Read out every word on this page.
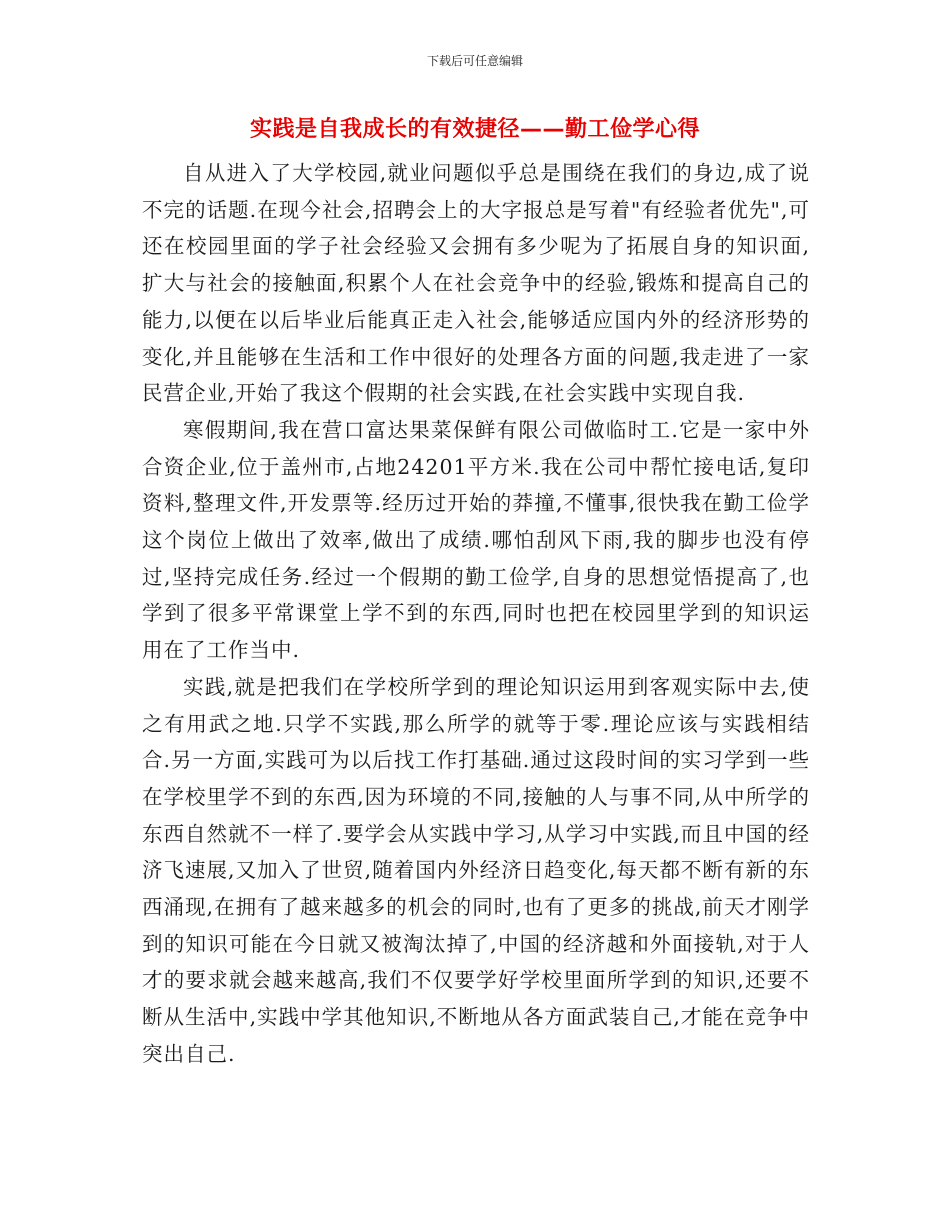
下载后可任意编辑
实践是自我成长的有效捷径——勤工俭学心得

自从进入了大学校园,就业问题似乎总是围绕在我们的身边,成了说不完的话题.在现今社会,招聘会上的大字报总是写着"有经验者优先",可还在校园里面的学子社会经验又会拥有多少呢为了拓展自身的知识面,扩大与社会的接触面,积累个人在社会竞争中的经验,锻炼和提高自己的能力,以便在以后毕业后能真正走入社会,能够适应国内外的经济形势的变化,并且能够在生活和工作中很好的处理各方面的问题,我走进了一家民营企业,开始了我这个假期的社会实践,在社会实践中实现自我.

寒假期间,我在营口富达果菜保鲜有限公司做临时工.它是一家中外合资企业,位于盖州市,占地24201平方米.我在公司中帮忙接电话,复印资料,整理文件,开发票等.经历过开始的莽撞,不懂事,很快我在勤工俭学这个岗位上做出了效率,做出了成绩.哪怕刮风下雨,我的脚步也没有停过,坚持完成任务.经过一个假期的勤工俭学,自身的思想觉悟提高了,也学到了很多平常课堂上学不到的东西,同时也把在校园里学到的知识运用在了工作当中.

实践,就是把我们在学校所学到的理论知识运用到客观实际中去,使之有用武之地.只学不实践,那么所学的就等于零.理论应该与实践相结合.另一方面,实践可为以后找工作打基础.通过这段时间的实习学到一些在学校里学不到的东西,因为环境的不同,接触的人与事不同,从中所学的东西自然就不一样了.要学会从实践中学习,从学习中实践,而且中国的经济飞速展,又加入了世贸,随着国内外经济日趋变化,每天都不断有新的东西涌现,在拥有了越来越多的机会的同时,也有了更多的挑战,前天才刚学到的知识可能在今日就又被淘汰掉了,中国的经济越和外面接轨,对于人才的要求就会越来越高,我们不仅要学好学校里面所学到的知识,还要不断从生活中,实践中学其他知识,不断地从各方面武装自己,才能在竞争中突出自己.
